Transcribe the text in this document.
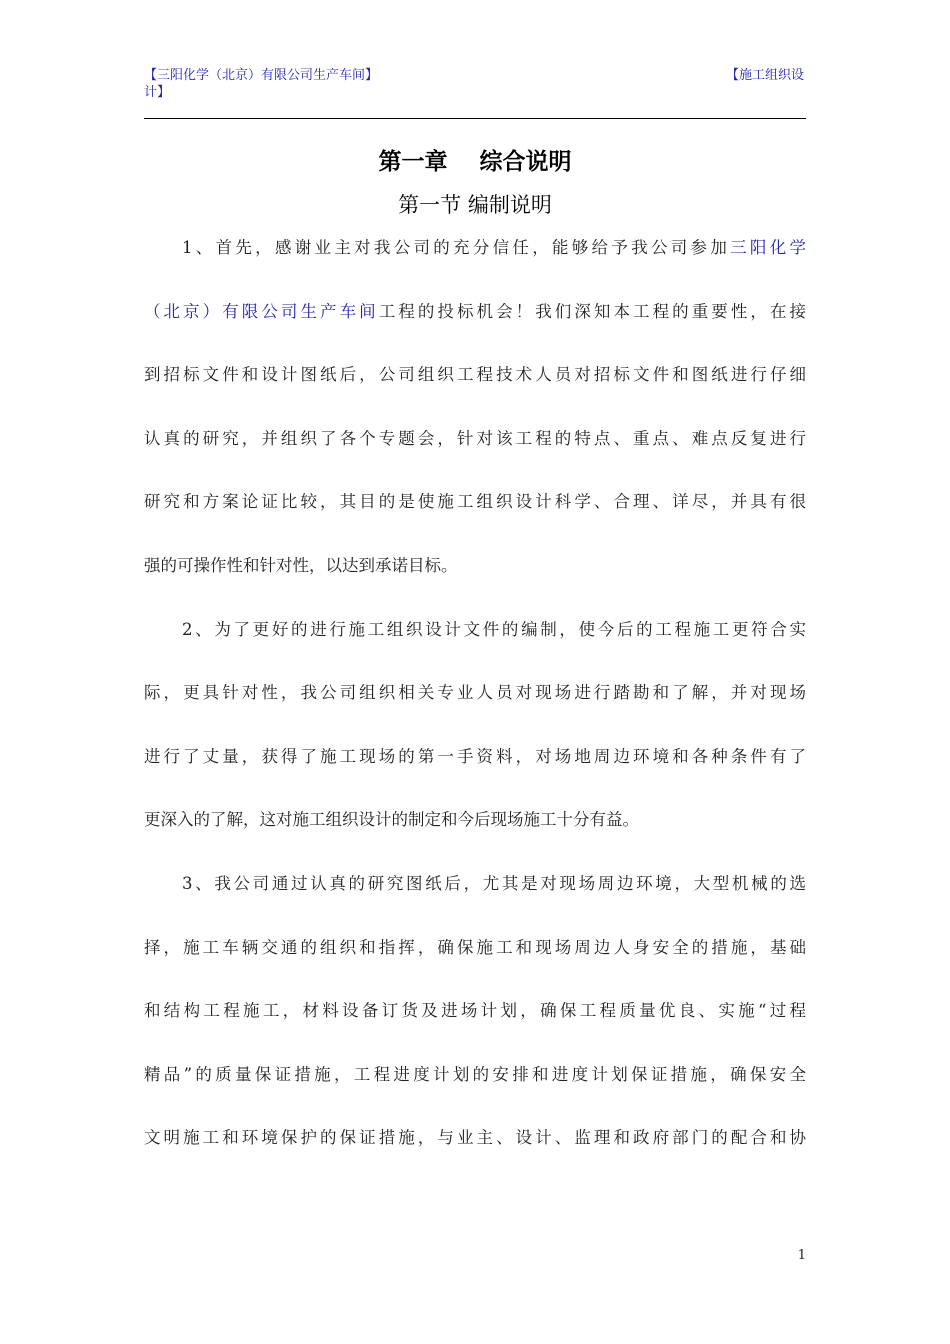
【三阳化学（北京）有限公司生产车间】
计】
【施工组织设
第一章    综合说明
第一节 编制说明
1、首先，感谢业主对我公司的充分信任，能够给予我公司参加三阳化学
（北京）有限公司生产车间工程的投标机会！我们深知本工程的重要性，在接
到招标文件和设计图纸后，公司组织工程技术人员对招标文件和图纸进行仔细
认真的研究，并组织了各个专题会，针对该工程的特点、重点、难点反复进行
研究和方案论证比较，其目的是使施工组织设计科学、合理、详尽，并具有很
强的可操作性和针对性，以达到承诺目标。
2、为了更好的进行施工组织设计文件的编制，使今后的工程施工更符合实
际，更具针对性，我公司组织相关专业人员对现场进行踏勘和了解，并对现场
进行了丈量，获得了施工现场的第一手资料，对场地周边环境和各种条件有了
更深入的了解，这对施工组织设计的制定和今后现场施工十分有益。
3、我公司通过认真的研究图纸后，尤其是对现场周边环境，大型机械的选
择，施工车辆交通的组织和指挥，确保施工和现场周边人身安全的措施，基础
和结构工程施工，材料设备订货及进场计划，确保工程质量优良、实施“过程
精品”的质量保证措施，工程进度计划的安排和进度计划保证措施，确保安全
文明施工和环境保护的保证措施，与业主、设计、监理和政府部门的配合和协
1
